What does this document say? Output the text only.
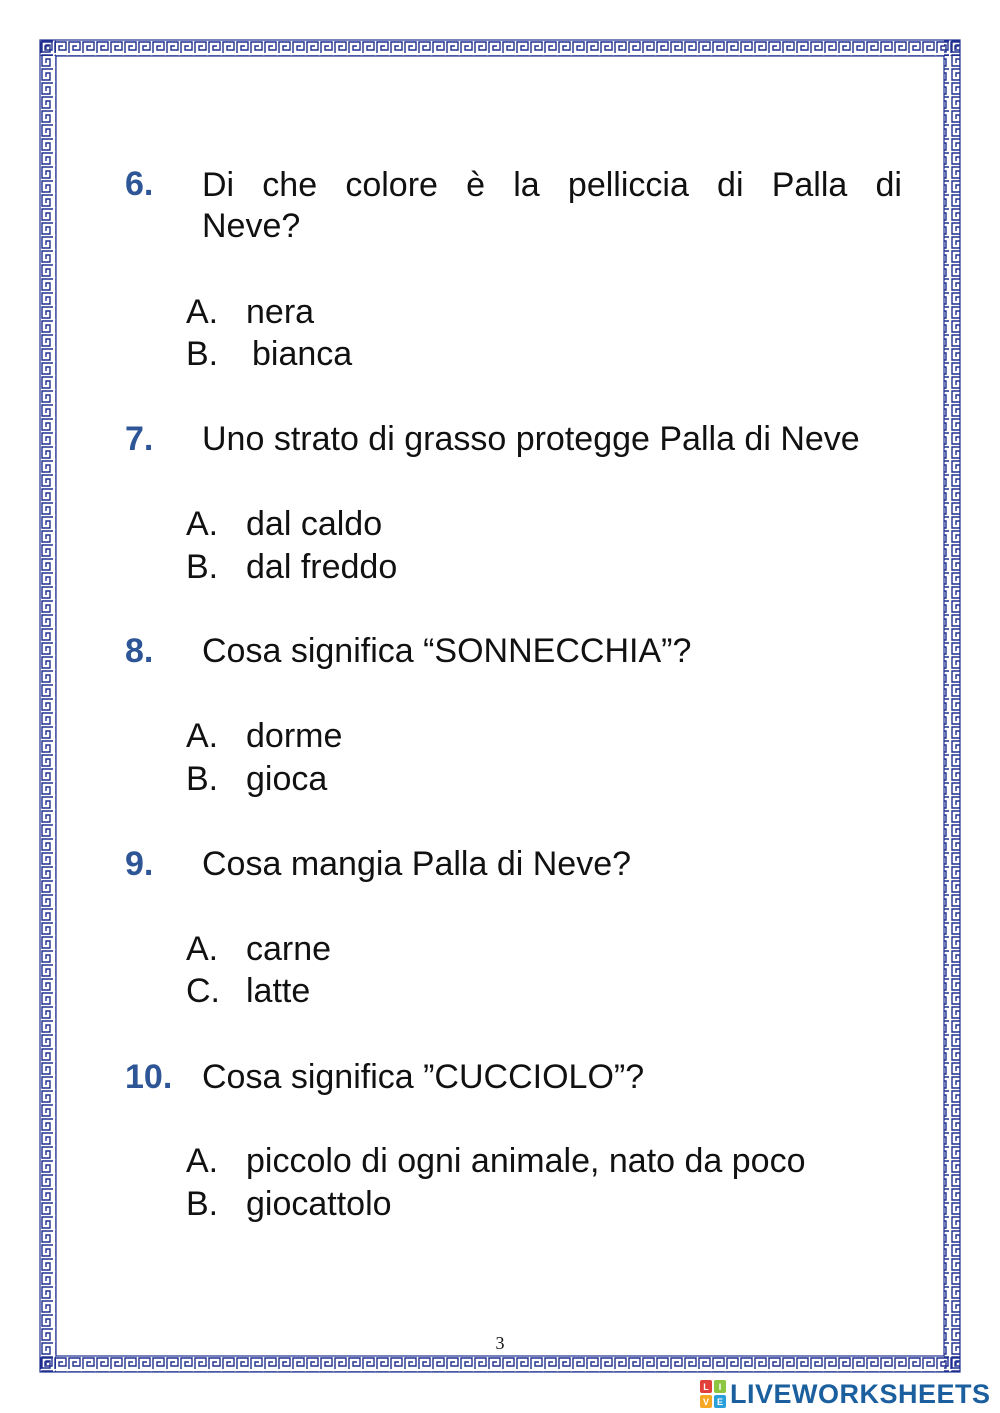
6. Di che colore è la pelliccia di Palla di
Neve?
A. nera
B. bianca
7. Uno strato di grasso protegge Palla di Neve
A. dal caldo
B. dal freddo
8. Cosa significa “SONNECCHIA”?
A. dorme
B. gioca
9. Cosa mangia Palla di Neve?
A. carne
C. latte
10. Cosa significa ”CUCCIOLO”?
A. piccolo di ogni animale, nato da poco
B. giocattolo
3
L I
V E LIVEWORKSHEETS
